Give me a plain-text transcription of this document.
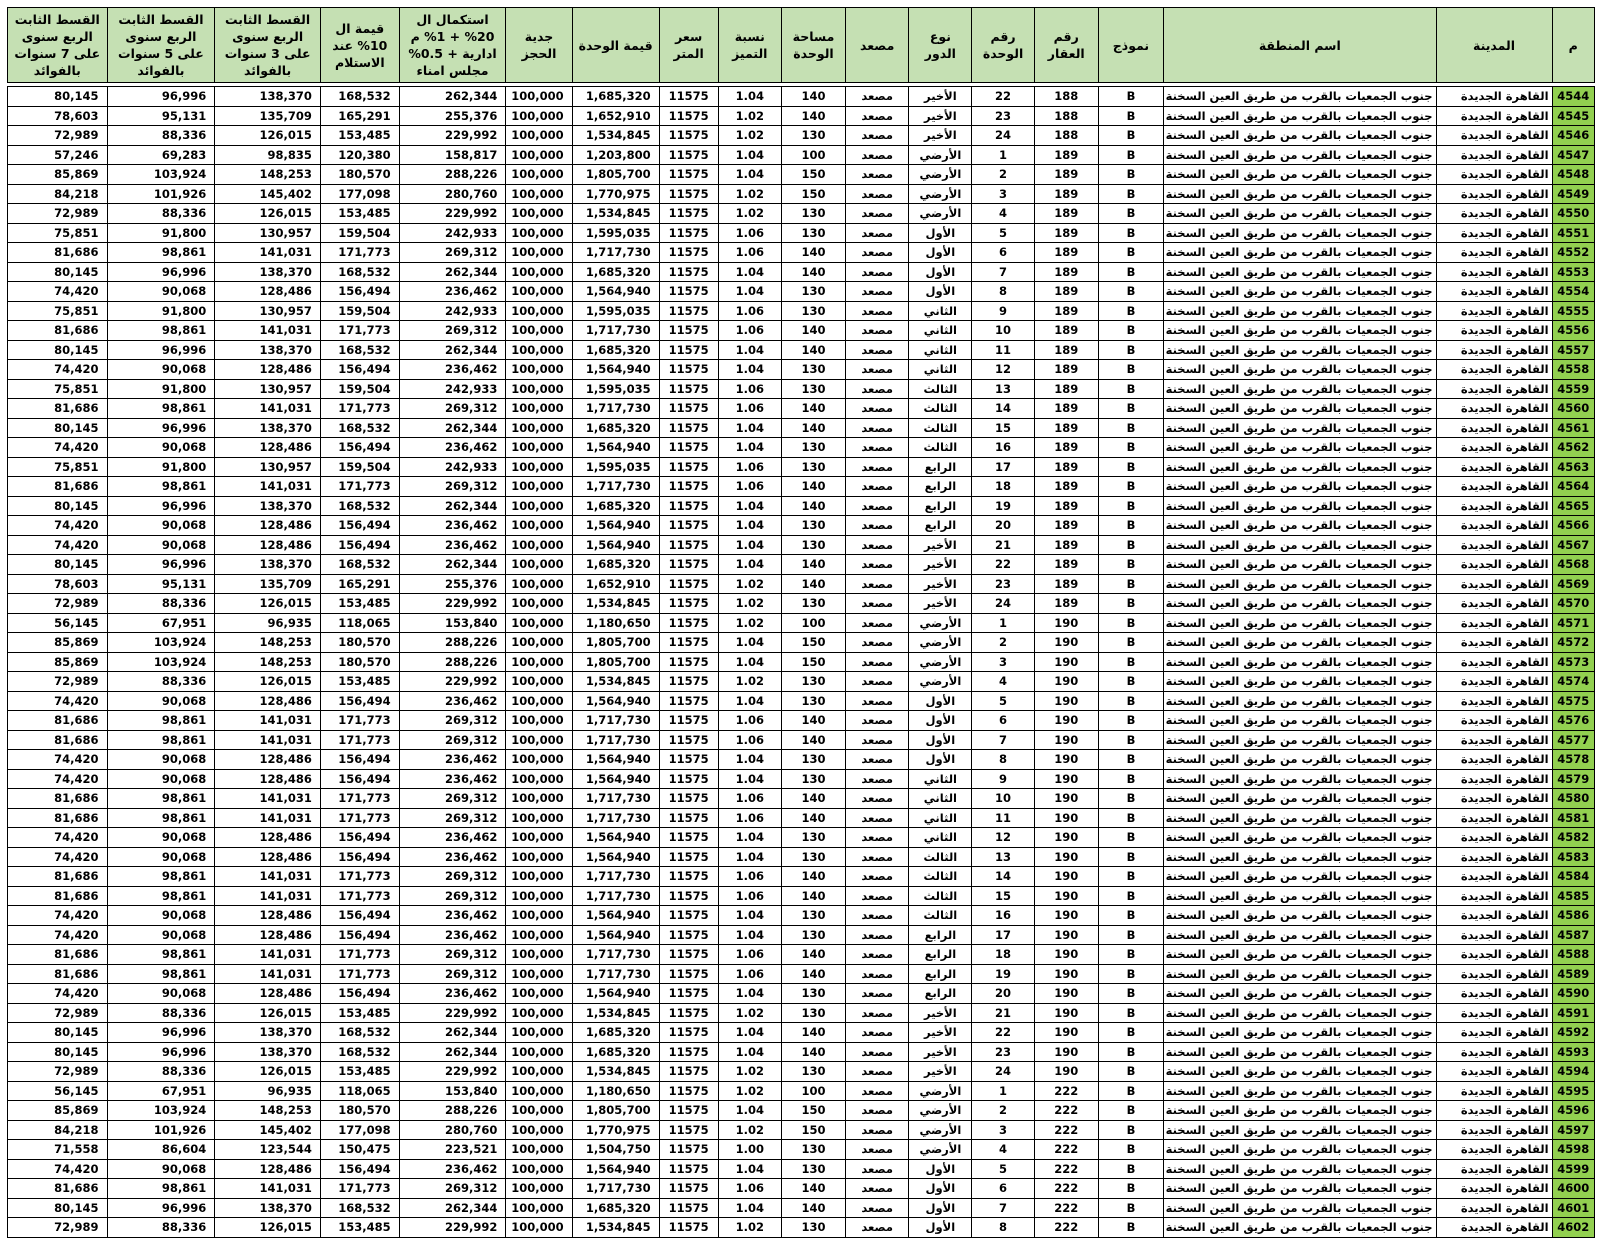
م	المدينة	اسم المنطقة	نموذج	رقم العقار	رقم الوحدة	نوع الدور	مصعد	مساحة الوحدة	نسبة التميز	سعر المتر	قيمة الوحدة	جدية الحجز	استكمال ال 20% + 1% م ادارية + 0.5% مجلس امناء	قيمة ال 10% عند الاستلام	القسط الثابت الربع سنوى على 3 سنوات بالفوائد	القسط الثابت الربع سنوى على 5 سنوات بالفوائد	القسط الثابت الربع سنوى على 7 سنوات بالفوائد

4544	القاهرة الجديدة	جنوب الجمعيات بالقرب من طريق العين السخنة	B	188	22	الأخير	مصعد	140	1.04	11575	1,685,320	100,000	262,344	168,532	138,370	96,996	80,145
4545	القاهرة الجديدة	جنوب الجمعيات بالقرب من طريق العين السخنة	B	188	23	الأخير	مصعد	140	1.02	11575	1,652,910	100,000	255,376	165,291	135,709	95,131	78,603
4546	القاهرة الجديدة	جنوب الجمعيات بالقرب من طريق العين السخنة	B	188	24	الأخير	مصعد	130	1.02	11575	1,534,845	100,000	229,992	153,485	126,015	88,336	72,989
4547	القاهرة الجديدة	جنوب الجمعيات بالقرب من طريق العين السخنة	B	189	1	الأرضي	مصعد	100	1.04	11575	1,203,800	100,000	158,817	120,380	98,835	69,283	57,246
4548	القاهرة الجديدة	جنوب الجمعيات بالقرب من طريق العين السخنة	B	189	2	الأرضي	مصعد	150	1.04	11575	1,805,700	100,000	288,226	180,570	148,253	103,924	85,869
4549	القاهرة الجديدة	جنوب الجمعيات بالقرب من طريق العين السخنة	B	189	3	الأرضي	مصعد	150	1.02	11575	1,770,975	100,000	280,760	177,098	145,402	101,926	84,218
4550	القاهرة الجديدة	جنوب الجمعيات بالقرب من طريق العين السخنة	B	189	4	الأرضي	مصعد	130	1.02	11575	1,534,845	100,000	229,992	153,485	126,015	88,336	72,989
4551	القاهرة الجديدة	جنوب الجمعيات بالقرب من طريق العين السخنة	B	189	5	الأول	مصعد	130	1.06	11575	1,595,035	100,000	242,933	159,504	130,957	91,800	75,851
4552	القاهرة الجديدة	جنوب الجمعيات بالقرب من طريق العين السخنة	B	189	6	الأول	مصعد	140	1.06	11575	1,717,730	100,000	269,312	171,773	141,031	98,861	81,686
4553	القاهرة الجديدة	جنوب الجمعيات بالقرب من طريق العين السخنة	B	189	7	الأول	مصعد	140	1.04	11575	1,685,320	100,000	262,344	168,532	138,370	96,996	80,145
4554	القاهرة الجديدة	جنوب الجمعيات بالقرب من طريق العين السخنة	B	189	8	الأول	مصعد	130	1.04	11575	1,564,940	100,000	236,462	156,494	128,486	90,068	74,420
4555	القاهرة الجديدة	جنوب الجمعيات بالقرب من طريق العين السخنة	B	189	9	الثاني	مصعد	130	1.06	11575	1,595,035	100,000	242,933	159,504	130,957	91,800	75,851
4556	القاهرة الجديدة	جنوب الجمعيات بالقرب من طريق العين السخنة	B	189	10	الثاني	مصعد	140	1.06	11575	1,717,730	100,000	269,312	171,773	141,031	98,861	81,686
4557	القاهرة الجديدة	جنوب الجمعيات بالقرب من طريق العين السخنة	B	189	11	الثاني	مصعد	140	1.04	11575	1,685,320	100,000	262,344	168,532	138,370	96,996	80,145
4558	القاهرة الجديدة	جنوب الجمعيات بالقرب من طريق العين السخنة	B	189	12	الثاني	مصعد	130	1.04	11575	1,564,940	100,000	236,462	156,494	128,486	90,068	74,420
4559	القاهرة الجديدة	جنوب الجمعيات بالقرب من طريق العين السخنة	B	189	13	الثالث	مصعد	130	1.06	11575	1,595,035	100,000	242,933	159,504	130,957	91,800	75,851
4560	القاهرة الجديدة	جنوب الجمعيات بالقرب من طريق العين السخنة	B	189	14	الثالث	مصعد	140	1.06	11575	1,717,730	100,000	269,312	171,773	141,031	98,861	81,686
4561	القاهرة الجديدة	جنوب الجمعيات بالقرب من طريق العين السخنة	B	189	15	الثالث	مصعد	140	1.04	11575	1,685,320	100,000	262,344	168,532	138,370	96,996	80,145
4562	القاهرة الجديدة	جنوب الجمعيات بالقرب من طريق العين السخنة	B	189	16	الثالث	مصعد	130	1.04	11575	1,564,940	100,000	236,462	156,494	128,486	90,068	74,420
4563	القاهرة الجديدة	جنوب الجمعيات بالقرب من طريق العين السخنة	B	189	17	الرابع	مصعد	130	1.06	11575	1,595,035	100,000	242,933	159,504	130,957	91,800	75,851
4564	القاهرة الجديدة	جنوب الجمعيات بالقرب من طريق العين السخنة	B	189	18	الرابع	مصعد	140	1.06	11575	1,717,730	100,000	269,312	171,773	141,031	98,861	81,686
4565	القاهرة الجديدة	جنوب الجمعيات بالقرب من طريق العين السخنة	B	189	19	الرابع	مصعد	140	1.04	11575	1,685,320	100,000	262,344	168,532	138,370	96,996	80,145
4566	القاهرة الجديدة	جنوب الجمعيات بالقرب من طريق العين السخنة	B	189	20	الرابع	مصعد	130	1.04	11575	1,564,940	100,000	236,462	156,494	128,486	90,068	74,420
4567	القاهرة الجديدة	جنوب الجمعيات بالقرب من طريق العين السخنة	B	189	21	الأخير	مصعد	130	1.04	11575	1,564,940	100,000	236,462	156,494	128,486	90,068	74,420
4568	القاهرة الجديدة	جنوب الجمعيات بالقرب من طريق العين السخنة	B	189	22	الأخير	مصعد	140	1.04	11575	1,685,320	100,000	262,344	168,532	138,370	96,996	80,145
4569	القاهرة الجديدة	جنوب الجمعيات بالقرب من طريق العين السخنة	B	189	23	الأخير	مصعد	140	1.02	11575	1,652,910	100,000	255,376	165,291	135,709	95,131	78,603
4570	القاهرة الجديدة	جنوب الجمعيات بالقرب من طريق العين السخنة	B	189	24	الأخير	مصعد	130	1.02	11575	1,534,845	100,000	229,992	153,485	126,015	88,336	72,989
4571	القاهرة الجديدة	جنوب الجمعيات بالقرب من طريق العين السخنة	B	190	1	الأرضي	مصعد	100	1.02	11575	1,180,650	100,000	153,840	118,065	96,935	67,951	56,145
4572	القاهرة الجديدة	جنوب الجمعيات بالقرب من طريق العين السخنة	B	190	2	الأرضي	مصعد	150	1.04	11575	1,805,700	100,000	288,226	180,570	148,253	103,924	85,869
4573	القاهرة الجديدة	جنوب الجمعيات بالقرب من طريق العين السخنة	B	190	3	الأرضي	مصعد	150	1.04	11575	1,805,700	100,000	288,226	180,570	148,253	103,924	85,869
4574	القاهرة الجديدة	جنوب الجمعيات بالقرب من طريق العين السخنة	B	190	4	الأرضي	مصعد	130	1.02	11575	1,534,845	100,000	229,992	153,485	126,015	88,336	72,989
4575	القاهرة الجديدة	جنوب الجمعيات بالقرب من طريق العين السخنة	B	190	5	الأول	مصعد	130	1.04	11575	1,564,940	100,000	236,462	156,494	128,486	90,068	74,420
4576	القاهرة الجديدة	جنوب الجمعيات بالقرب من طريق العين السخنة	B	190	6	الأول	مصعد	140	1.06	11575	1,717,730	100,000	269,312	171,773	141,031	98,861	81,686
4577	القاهرة الجديدة	جنوب الجمعيات بالقرب من طريق العين السخنة	B	190	7	الأول	مصعد	140	1.06	11575	1,717,730	100,000	269,312	171,773	141,031	98,861	81,686
4578	القاهرة الجديدة	جنوب الجمعيات بالقرب من طريق العين السخنة	B	190	8	الأول	مصعد	130	1.04	11575	1,564,940	100,000	236,462	156,494	128,486	90,068	74,420
4579	القاهرة الجديدة	جنوب الجمعيات بالقرب من طريق العين السخنة	B	190	9	الثاني	مصعد	130	1.04	11575	1,564,940	100,000	236,462	156,494	128,486	90,068	74,420
4580	القاهرة الجديدة	جنوب الجمعيات بالقرب من طريق العين السخنة	B	190	10	الثاني	مصعد	140	1.06	11575	1,717,730	100,000	269,312	171,773	141,031	98,861	81,686
4581	القاهرة الجديدة	جنوب الجمعيات بالقرب من طريق العين السخنة	B	190	11	الثاني	مصعد	140	1.06	11575	1,717,730	100,000	269,312	171,773	141,031	98,861	81,686
4582	القاهرة الجديدة	جنوب الجمعيات بالقرب من طريق العين السخنة	B	190	12	الثاني	مصعد	130	1.04	11575	1,564,940	100,000	236,462	156,494	128,486	90,068	74,420
4583	القاهرة الجديدة	جنوب الجمعيات بالقرب من طريق العين السخنة	B	190	13	الثالث	مصعد	130	1.04	11575	1,564,940	100,000	236,462	156,494	128,486	90,068	74,420
4584	القاهرة الجديدة	جنوب الجمعيات بالقرب من طريق العين السخنة	B	190	14	الثالث	مصعد	140	1.06	11575	1,717,730	100,000	269,312	171,773	141,031	98,861	81,686
4585	القاهرة الجديدة	جنوب الجمعيات بالقرب من طريق العين السخنة	B	190	15	الثالث	مصعد	140	1.06	11575	1,717,730	100,000	269,312	171,773	141,031	98,861	81,686
4586	القاهرة الجديدة	جنوب الجمعيات بالقرب من طريق العين السخنة	B	190	16	الثالث	مصعد	130	1.04	11575	1,564,940	100,000	236,462	156,494	128,486	90,068	74,420
4587	القاهرة الجديدة	جنوب الجمعيات بالقرب من طريق العين السخنة	B	190	17	الرابع	مصعد	130	1.04	11575	1,564,940	100,000	236,462	156,494	128,486	90,068	74,420
4588	القاهرة الجديدة	جنوب الجمعيات بالقرب من طريق العين السخنة	B	190	18	الرابع	مصعد	140	1.06	11575	1,717,730	100,000	269,312	171,773	141,031	98,861	81,686
4589	القاهرة الجديدة	جنوب الجمعيات بالقرب من طريق العين السخنة	B	190	19	الرابع	مصعد	140	1.06	11575	1,717,730	100,000	269,312	171,773	141,031	98,861	81,686
4590	القاهرة الجديدة	جنوب الجمعيات بالقرب من طريق العين السخنة	B	190	20	الرابع	مصعد	130	1.04	11575	1,564,940	100,000	236,462	156,494	128,486	90,068	74,420
4591	القاهرة الجديدة	جنوب الجمعيات بالقرب من طريق العين السخنة	B	190	21	الأخير	مصعد	130	1.02	11575	1,534,845	100,000	229,992	153,485	126,015	88,336	72,989
4592	القاهرة الجديدة	جنوب الجمعيات بالقرب من طريق العين السخنة	B	190	22	الأخير	مصعد	140	1.04	11575	1,685,320	100,000	262,344	168,532	138,370	96,996	80,145
4593	القاهرة الجديدة	جنوب الجمعيات بالقرب من طريق العين السخنة	B	190	23	الأخير	مصعد	140	1.04	11575	1,685,320	100,000	262,344	168,532	138,370	96,996	80,145
4594	القاهرة الجديدة	جنوب الجمعيات بالقرب من طريق العين السخنة	B	190	24	الأخير	مصعد	130	1.02	11575	1,534,845	100,000	229,992	153,485	126,015	88,336	72,989
4595	القاهرة الجديدة	جنوب الجمعيات بالقرب من طريق العين السخنة	B	222	1	الأرضي	مصعد	100	1.02	11575	1,180,650	100,000	153,840	118,065	96,935	67,951	56,145
4596	القاهرة الجديدة	جنوب الجمعيات بالقرب من طريق العين السخنة	B	222	2	الأرضي	مصعد	150	1.04	11575	1,805,700	100,000	288,226	180,570	148,253	103,924	85,869
4597	القاهرة الجديدة	جنوب الجمعيات بالقرب من طريق العين السخنة	B	222	3	الأرضي	مصعد	150	1.02	11575	1,770,975	100,000	280,760	177,098	145,402	101,926	84,218
4598	القاهرة الجديدة	جنوب الجمعيات بالقرب من طريق العين السخنة	B	222	4	الأرضي	مصعد	130	1.00	11575	1,504,750	100,000	223,521	150,475	123,544	86,604	71,558
4599	القاهرة الجديدة	جنوب الجمعيات بالقرب من طريق العين السخنة	B	222	5	الأول	مصعد	130	1.04	11575	1,564,940	100,000	236,462	156,494	128,486	90,068	74,420
4600	القاهرة الجديدة	جنوب الجمعيات بالقرب من طريق العين السخنة	B	222	6	الأول	مصعد	140	1.06	11575	1,717,730	100,000	269,312	171,773	141,031	98,861	81,686
4601	القاهرة الجديدة	جنوب الجمعيات بالقرب من طريق العين السخنة	B	222	7	الأول	مصعد	140	1.04	11575	1,685,320	100,000	262,344	168,532	138,370	96,996	80,145
4602	القاهرة الجديدة	جنوب الجمعيات بالقرب من طريق العين السخنة	B	222	8	الأول	مصعد	130	1.02	11575	1,534,845	100,000	229,992	153,485	126,015	88,336	72,989
